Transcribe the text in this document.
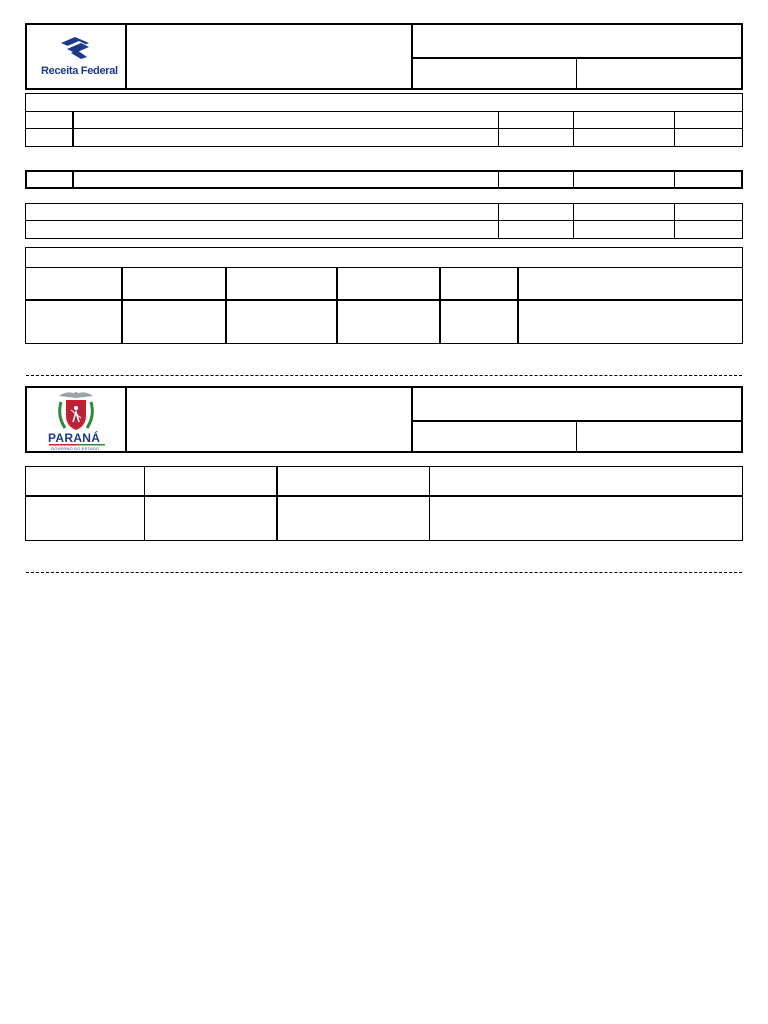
Receita Federal
PARANÁ
GOVERNO DO ESTADO
